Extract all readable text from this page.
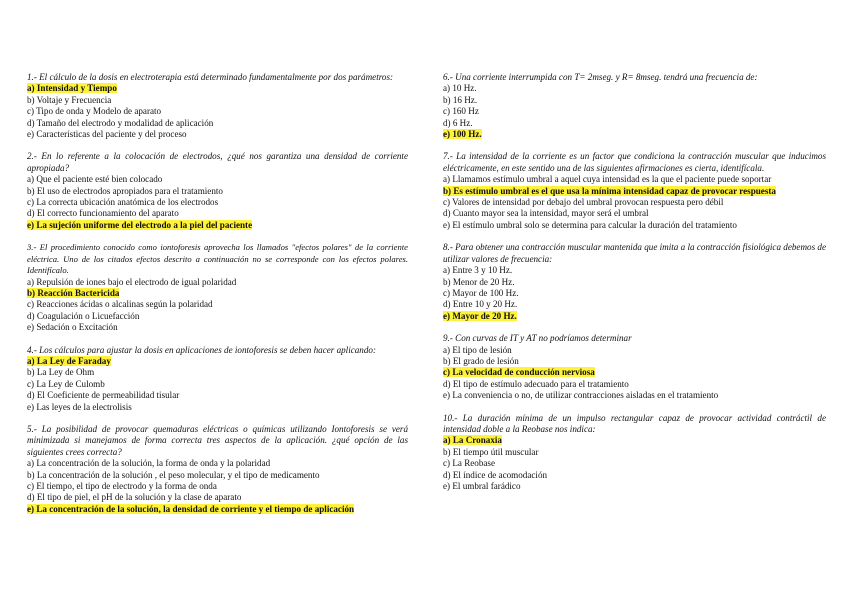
1.- El cálculo de la dosis en electroterapia está determinado fundamentalmente por dos parámetros:
a) Intensidad y Tiempo
b) Voltaje y Frecuencia
c) Tipo de onda y Modelo de aparato
d) Tamaño del electrodo y modalidad de aplicación
e) Características del paciente y del proceso
2.- En lo referente a la colocación de electrodos, ¿qué nos garantiza una densidad de corriente apropiada?
a) Que el paciente esté bien colocado
b) El uso de electrodos apropiados para el tratamiento
c) La correcta ubicación anatómica de los electrodos
d) El correcto funcionamiento del aparato
e) La sujeción uniforme del electrodo a la piel del paciente
3.- El procedimiento conocido como iontoforesis aprovecha los llamados "efectos polares" de la corriente eléctrica. Uno de los citados efectos descrito a continuación no se corresponde con los efectos polares. Identifícalo.
a) Repulsión de iones bajo el electrodo de igual polaridad
b) Reacción Bactericida
c) Reacciones ácidas o alcalinas según la polaridad
d) Coagulación o Licuefacción
e) Sedación o Excitación
4.- Los cálculos para ajustar la dosis en aplicaciones de iontoforesis se deben hacer aplicando:
a) La Ley de Faraday
b) La Ley de Ohm
c) La Ley de Culomb
d) El Coeficiente de permeabilidad tisular
e) Las leyes de la electrolisis
5.- La posibilidad de provocar quemaduras eléctricas o químicas utilizando Iontoforesis se verá minimizada si manejamos de forma correcta tres aspectos de la aplicación. ¿qué opción de las siguientes crees correcta?
a) La concentración de la solución, la forma de onda y la polaridad
b) La concentración de la solución , el peso molecular, y el tipo de medicamento
c) El tiempo, el tipo de electrodo y la forma de onda
d) El tipo de piel, el pH de la solución y la clase de aparato
e) La concentración de la solución, la densidad de corriente y el tiempo de aplicación
6.- Una corriente interrumpida con T= 2mseg. y R= 8mseg. tendrá una frecuencia de:
a) 10 Hz.
b) 16 Hz.
c) 160 Hz
d) 6 Hz.
e) 100 Hz.
7.- La intensidad de la corriente es un factor que condiciona la contracción muscular que inducimos eléctricamente, en este sentido una de las siguientes afirmaciones es cierta, identifícala.
a) Llamamos estímulo umbral a aquel cuya intensidad es la que el paciente puede soportar
b) Es estímulo umbral es el que usa la mínima intensidad capaz de provocar respuesta
c) Valores de intensidad por debajo del umbral provocan respuesta pero débil
d) Cuanto mayor sea la intensidad, mayor será el umbral
e) El estímulo umbral solo se determina para calcular la duración del tratamiento
8.- Para obtener una contracción muscular mantenida que imita a la contracción fisiológica debemos de utilizar valores de frecuencia:
a) Entre 3 y 10 Hz.
b) Menor de 20 Hz.
c) Mayor de 100 Hz.
d) Entre 10 y 20 Hz.
e) Mayor de 20 Hz.
9.- Con curvas de IT y AT no podríamos determinar
a) El tipo de lesión
b) El grado de lesión
c) La velocidad de conducción nerviosa
d) El tipo de estímulo adecuado para el tratamiento
e) La conveniencia o no, de utilizar contracciones aisladas en el tratamiento
10.- La duración mínima de un impulso rectangular capaz de provocar actividad contráctil de intensidad doble a la Reobase nos indica:
a) La Cronaxia
b) El tiempo útil muscular
c) La Reobase
d) El índice de acomodación
e) El umbral farádico
